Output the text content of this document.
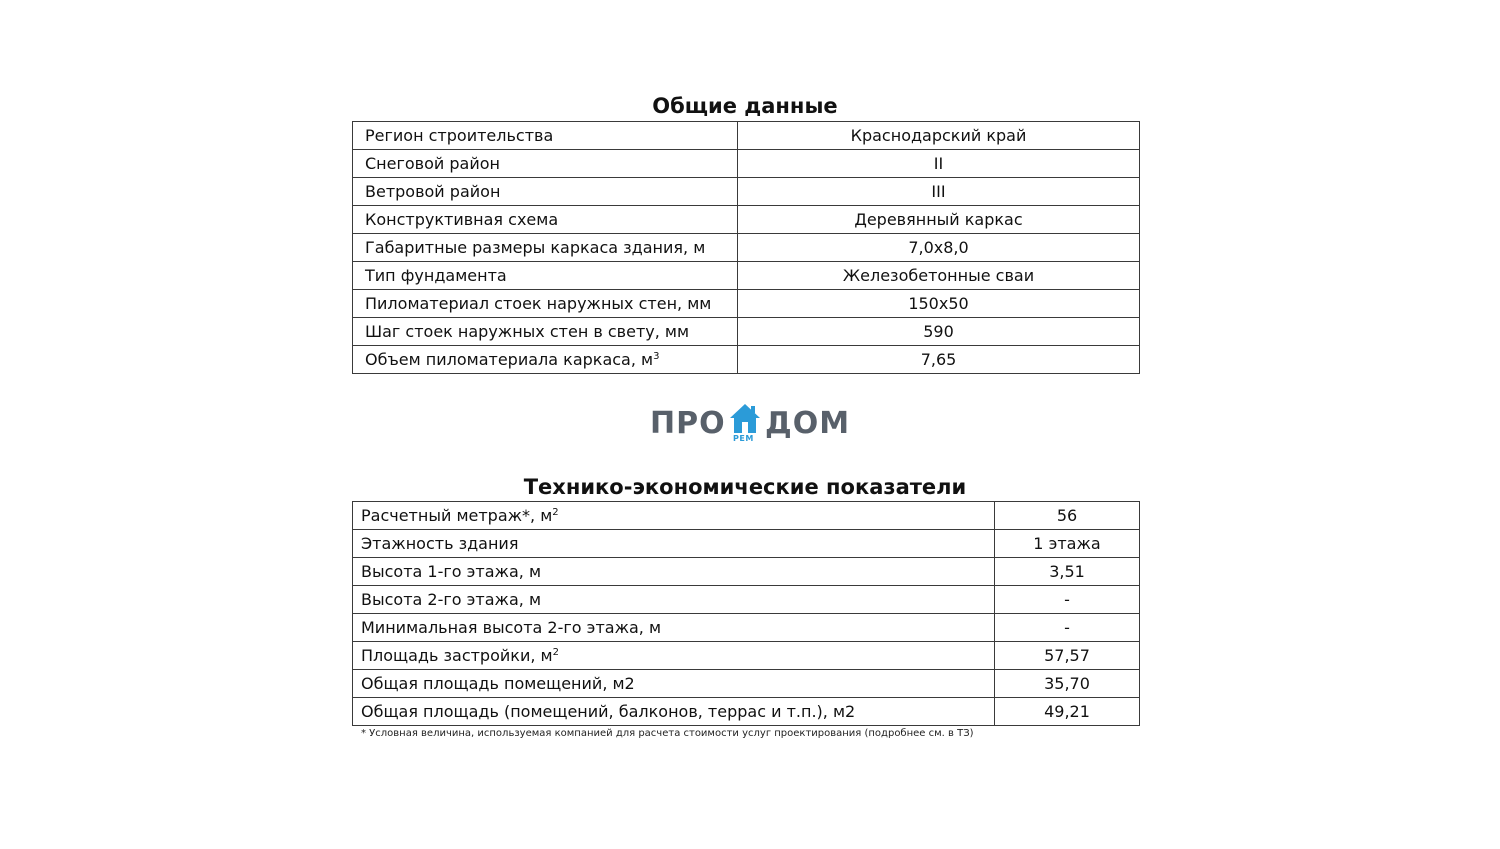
Общие данные
Регион строительства	Краснодарский край
Снеговой район	II
Ветровой район	III
Конструктивная схема	Деревянный каркас
Габаритные размеры каркаса здания, м	7,0х8,0
Тип фундамента	Железобетонные сваи
Пиломатериал стоек наружных стен, мм	150х50
Шаг стоек наружных стен в свету, мм	590
Объем пиломатериала каркаса, $м^3$	7,65
ПРО РЕМ ДОМ
Технико-экономические показатели
Расчетный метраж*, $м^2$	56
Этажность здания	1 этажа
Высота 1-го этажа, м	3,51
Высота 2-го этажа, м	-
Минимальная высота 2-го этажа, м	-
Площадь застройки, $м^2$	57,57
Общая площадь помещений, м2	35,70
Общая площадь (помещений, балконов, террас и т.п.), м2	49,21
* Условная величина, используемая компанией для расчета стоимости услуг проектирования (подробнее см. в ТЗ)
